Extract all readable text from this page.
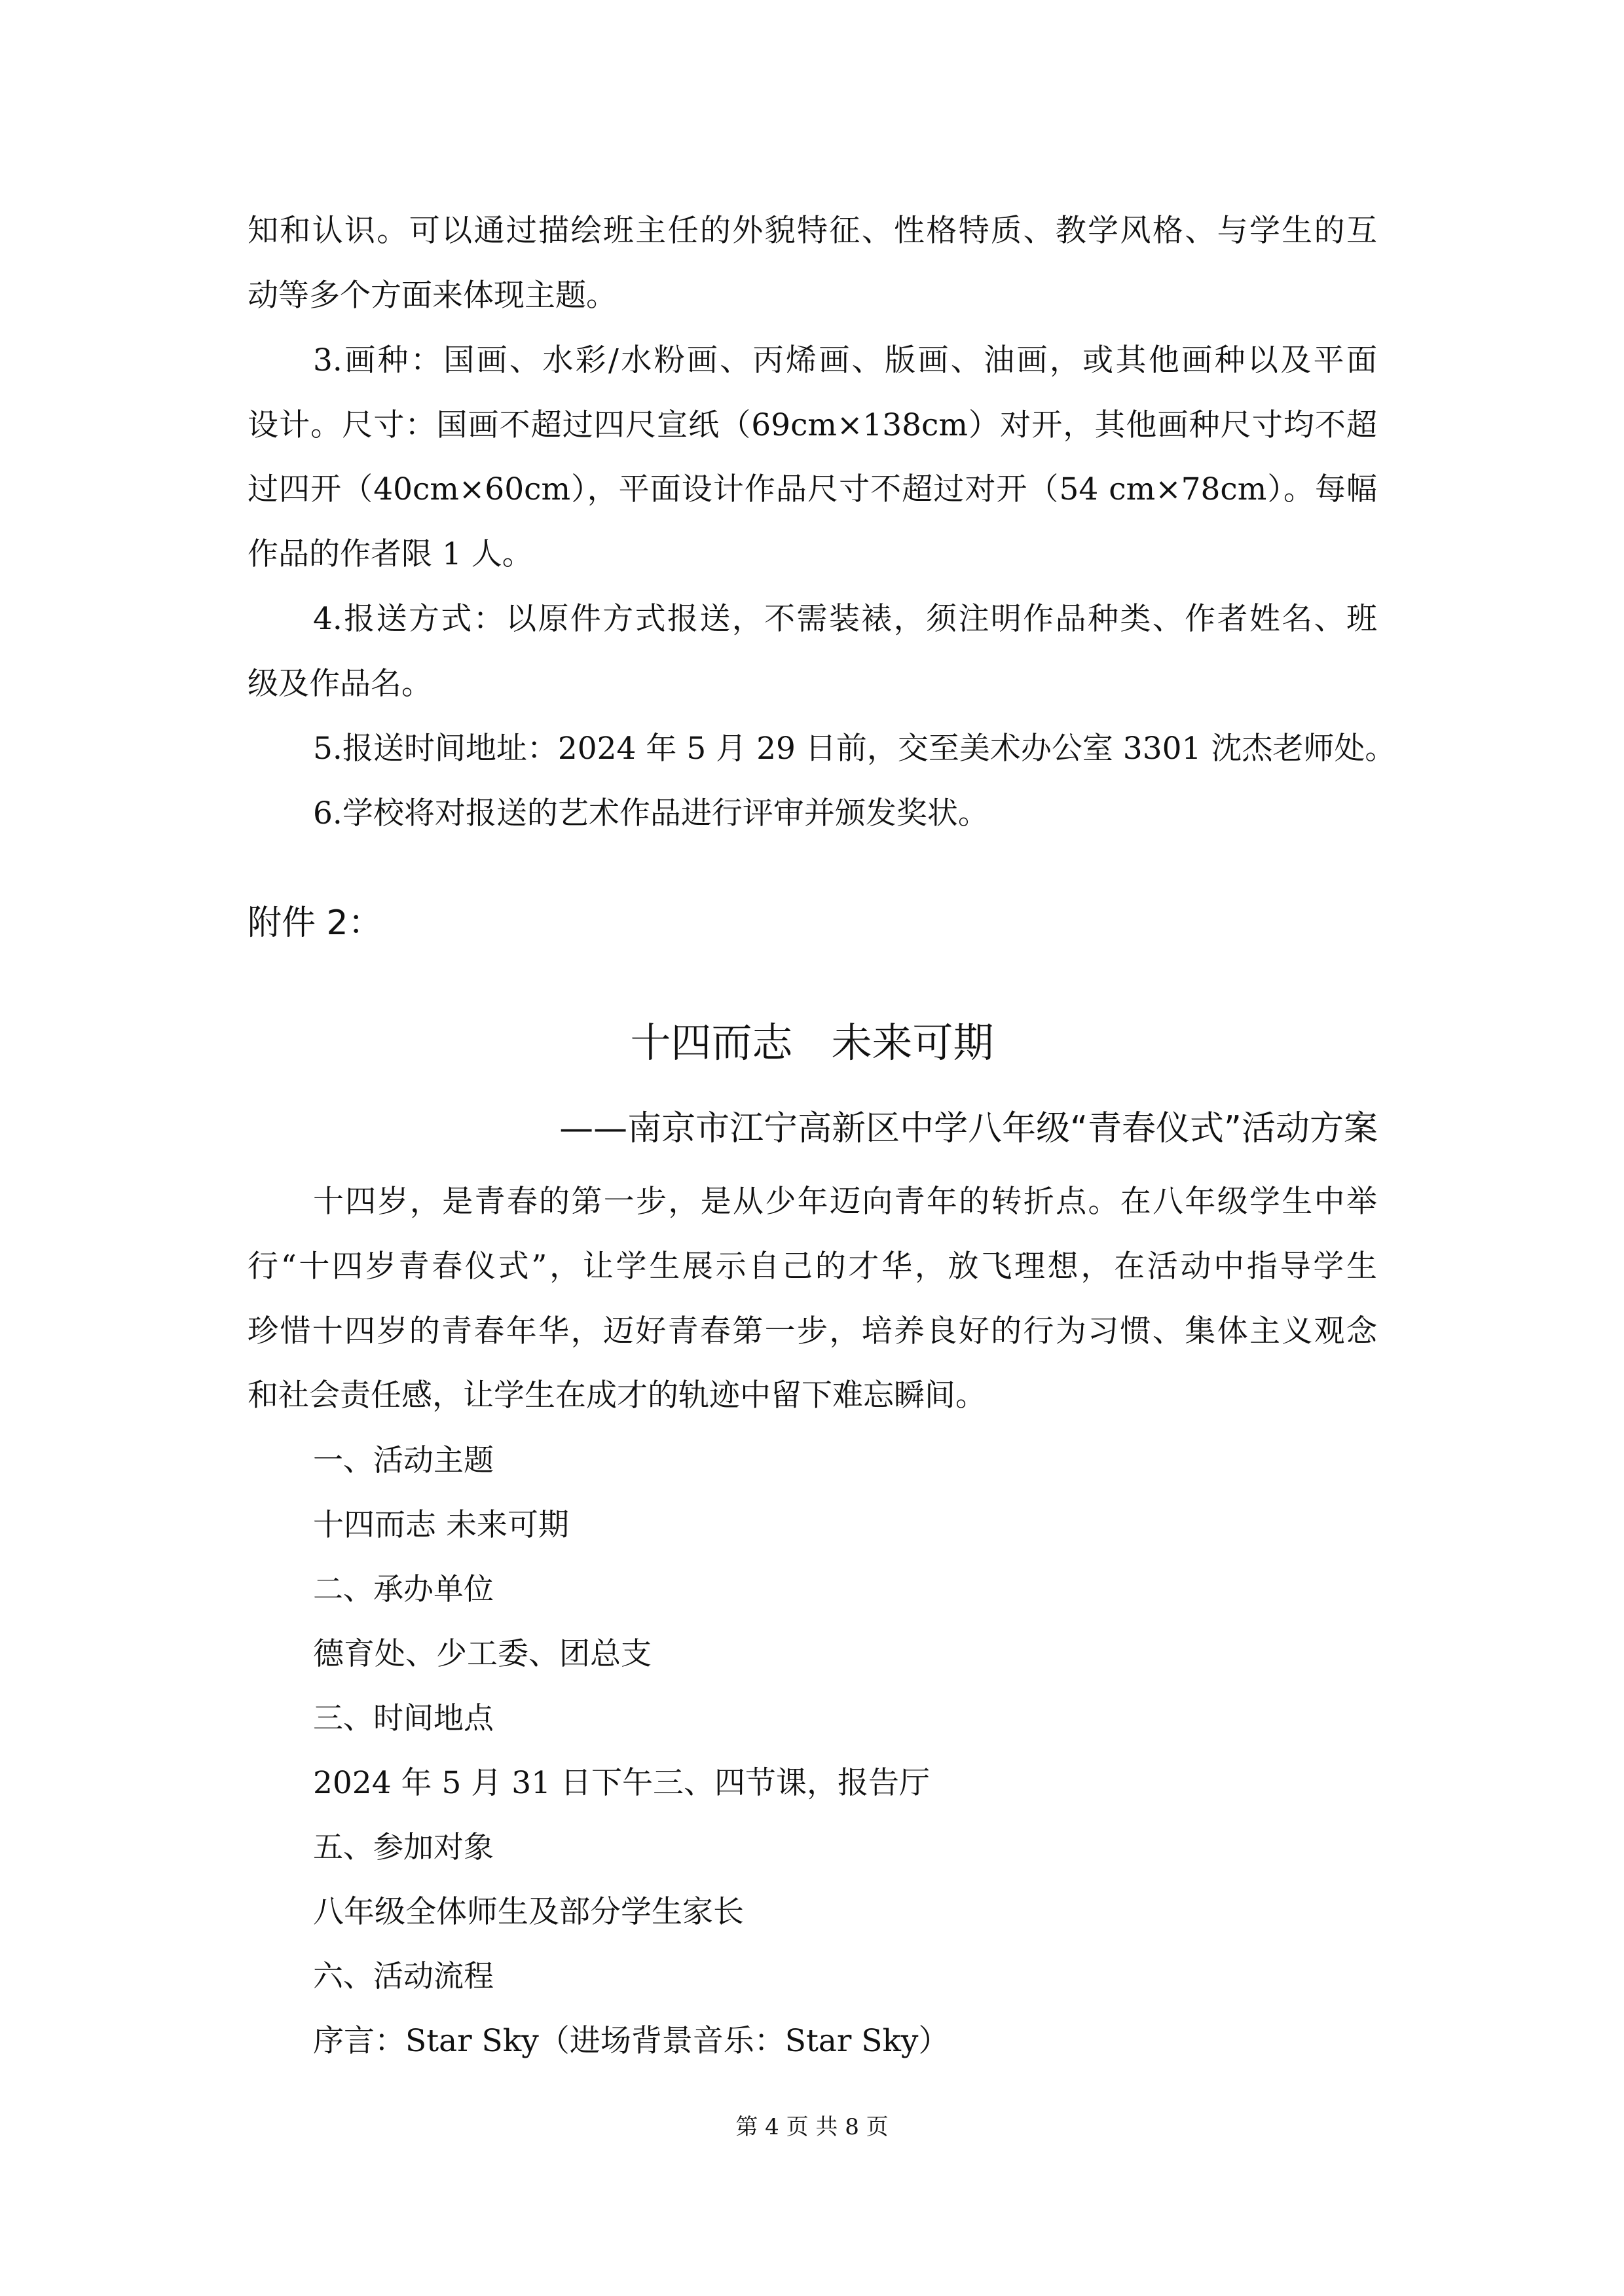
知和认识。可以通过描绘班主任的外貌特征、性格特质、教学风格、与学生的互
动等多个方面来体现主题。
3.画种：国画、水彩/水粉画、丙烯画、版画、油画，或其他画种以及平面
设计。尺寸：国画不超过四尺宣纸（69cm×138cm）对开，其他画种尺寸均不超
过四开（40cm×60cm），平面设计作品尺寸不超过对开（54 cm×78cm）。每幅
作品的作者限 1 人。
4.报送方式：以原件方式报送，不需装裱，须注明作品种类、作者姓名、班
级及作品名。
5.报送时间地址：2024 年 5 月 29 日前，交至美术办公室 3301 沈杰老师处。
6.学校将对报送的艺术作品进行评审并颁发奖状。
附件 2：
十四而志   未来可期
——南京市江宁高新区中学八年级“青春仪式”活动方案
十四岁，是青春的第一步，是从少年迈向青年的转折点。在八年级学生中举
行“十四岁青春仪式”，让学生展示自己的才华，放飞理想，在活动中指导学生
珍惜十四岁的青春年华，迈好青春第一步，培养良好的行为习惯、集体主义观念
和社会责任感，让学生在成才的轨迹中留下难忘瞬间。
一、活动主题
十四而志 未来可期
二、承办单位
德育处、少工委、团总支
三、时间地点
2024 年 5 月 31 日下午三、四节课，报告厅
五、参加对象
八年级全体师生及部分学生家长
六、活动流程
序言：Star Sky（进场背景音乐：Star Sky）
第 4 页 共 8 页
